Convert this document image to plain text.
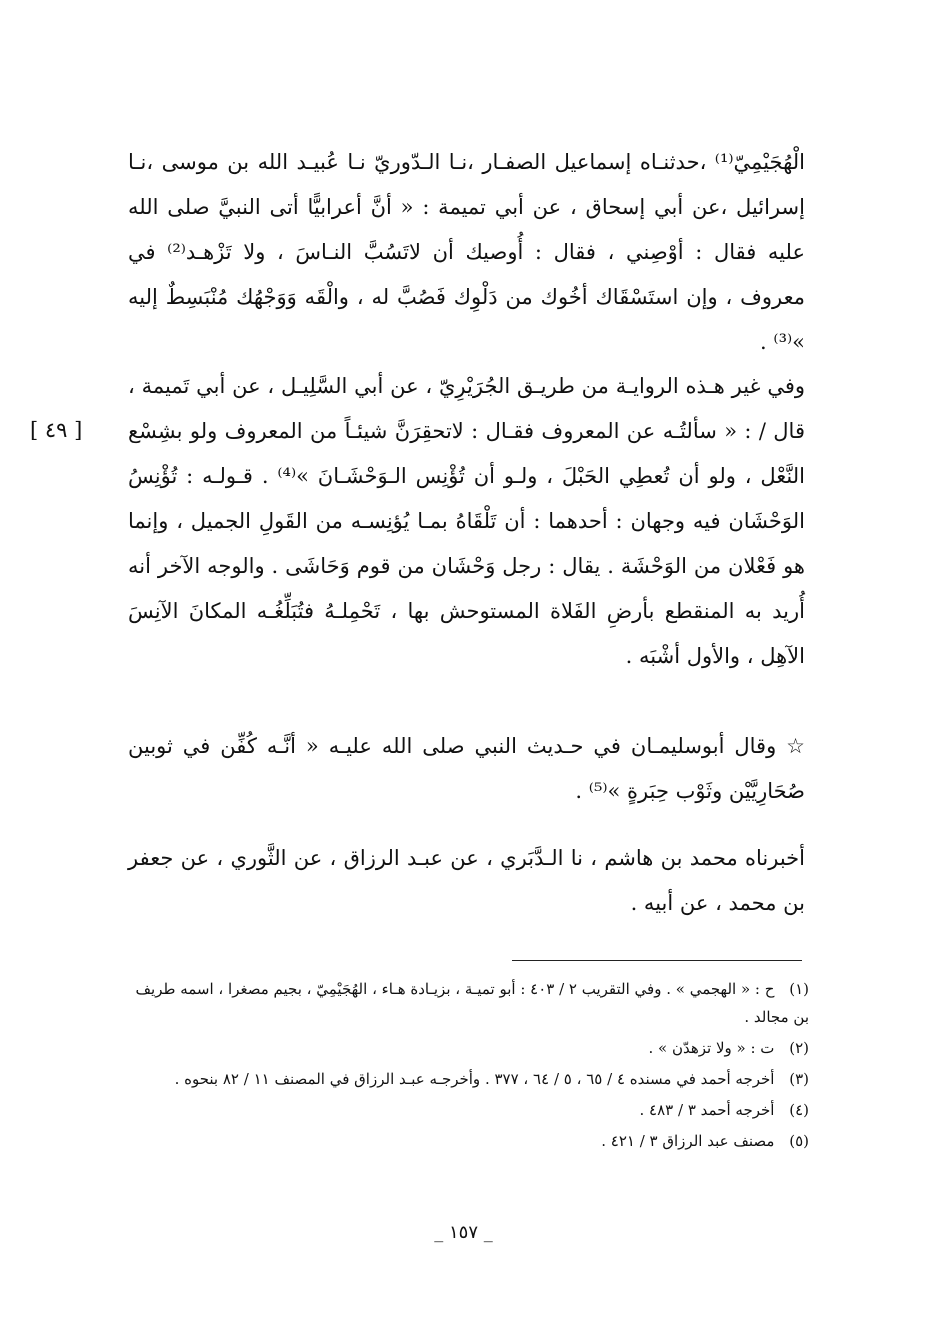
الْهُجَيْمِيّ⁽¹⁾ ،حدثنـاه إسماعيل الصفـار ،نـا الـدّوريّ نـا عُبيـد الله بن موسى ،نـا إسرائيل ،عن أبي إسحاق ، عن أبي تميمة : « أنَّ أعرابيًّا أتى النبيَّ صلى الله عليه فقال : أوْصِني ، فقال : أُوصيك أن لاتَسُبَّ النـاسَ ، ولا تَزْهـد⁽²⁾ في معروف ، وإن استَسْقَاك أخُوك من دَلْوِك فَصُبَّ له ، والْقَه وَوَجْهُك مُنْبَسِطٌ إليه »⁽³⁾ .

وفي غير هـذه الروايـة من طريـق الجُرَيْرِيّ ، عن أبي السَّلِيـل ، عن أبي تَميمة ، قال / : « سألتُـه عن المعروف فقـال : لاتحقِرَنَّ شيئـاً من المعروف ولو بشِسْع النَّعْل ، ولو أن تُعطِي الحَبْلَ ، ولـو أن تُؤْنِس الـوَحْشَـانَ »⁽⁴⁾ . قـولـه : تُؤْنِسُ الوَحْشَان فيه وجهان : أحدهما : أن تَلْقَاهُ بمـا يُؤنِسـه من القَولِ الجميل ، وإنما هو فَعْلان من الوَحْشَة . يقال : رجل وَحْشَان من قوم وَحَاشَى . والوجه الآخر أنه أُريد به المنقطع بأرضِ الفَلاة المستوحش بها ، تَحْمِلـهُ فتُبَلِّغُـه المكانَ الآنِسَ الآهِل ، والأول أشْبَه .

[ ٤٩ ]

☆ وقال أبوسليمـان في حـديث النبي صلى الله عليـه « أنَّـه كُفِّن في ثوبين صُحَارِيَّيْن وثَوْب حِبَرةٍ »⁽⁵⁾ .

أخبرناه محمد بن هاشم ، نا الـدَّبَري ، عن عبـد الرزاق ، عن الثَّوري ، عن جعفر بن محمد ، عن أبيه .

(١) ح : « الهجمي » . وفي التقريب ٢ / ٤٠٣ : أبو تميـة ، بزيـادة هـاء ، الهُجَيْمِيّ ، بجيم مصغرا ، اسمه طريف بن مجالد .

(٢) ت : « ولا تزهدّن » .

(٣) أخرجه أحمد في مسنده ٤ / ٦٥ ، ٥ / ٦٤ ، ٣٧٧ . وأخرجـه عبـد الرزاق في المصنف ١١ / ٨٢ بنحوه .

(٤) أخرجه أحمد ٣ / ٤٨٣ .

(٥) مصنف عبد الرزاق ٣ / ٤٢١ .

_ ١٥٧ _
